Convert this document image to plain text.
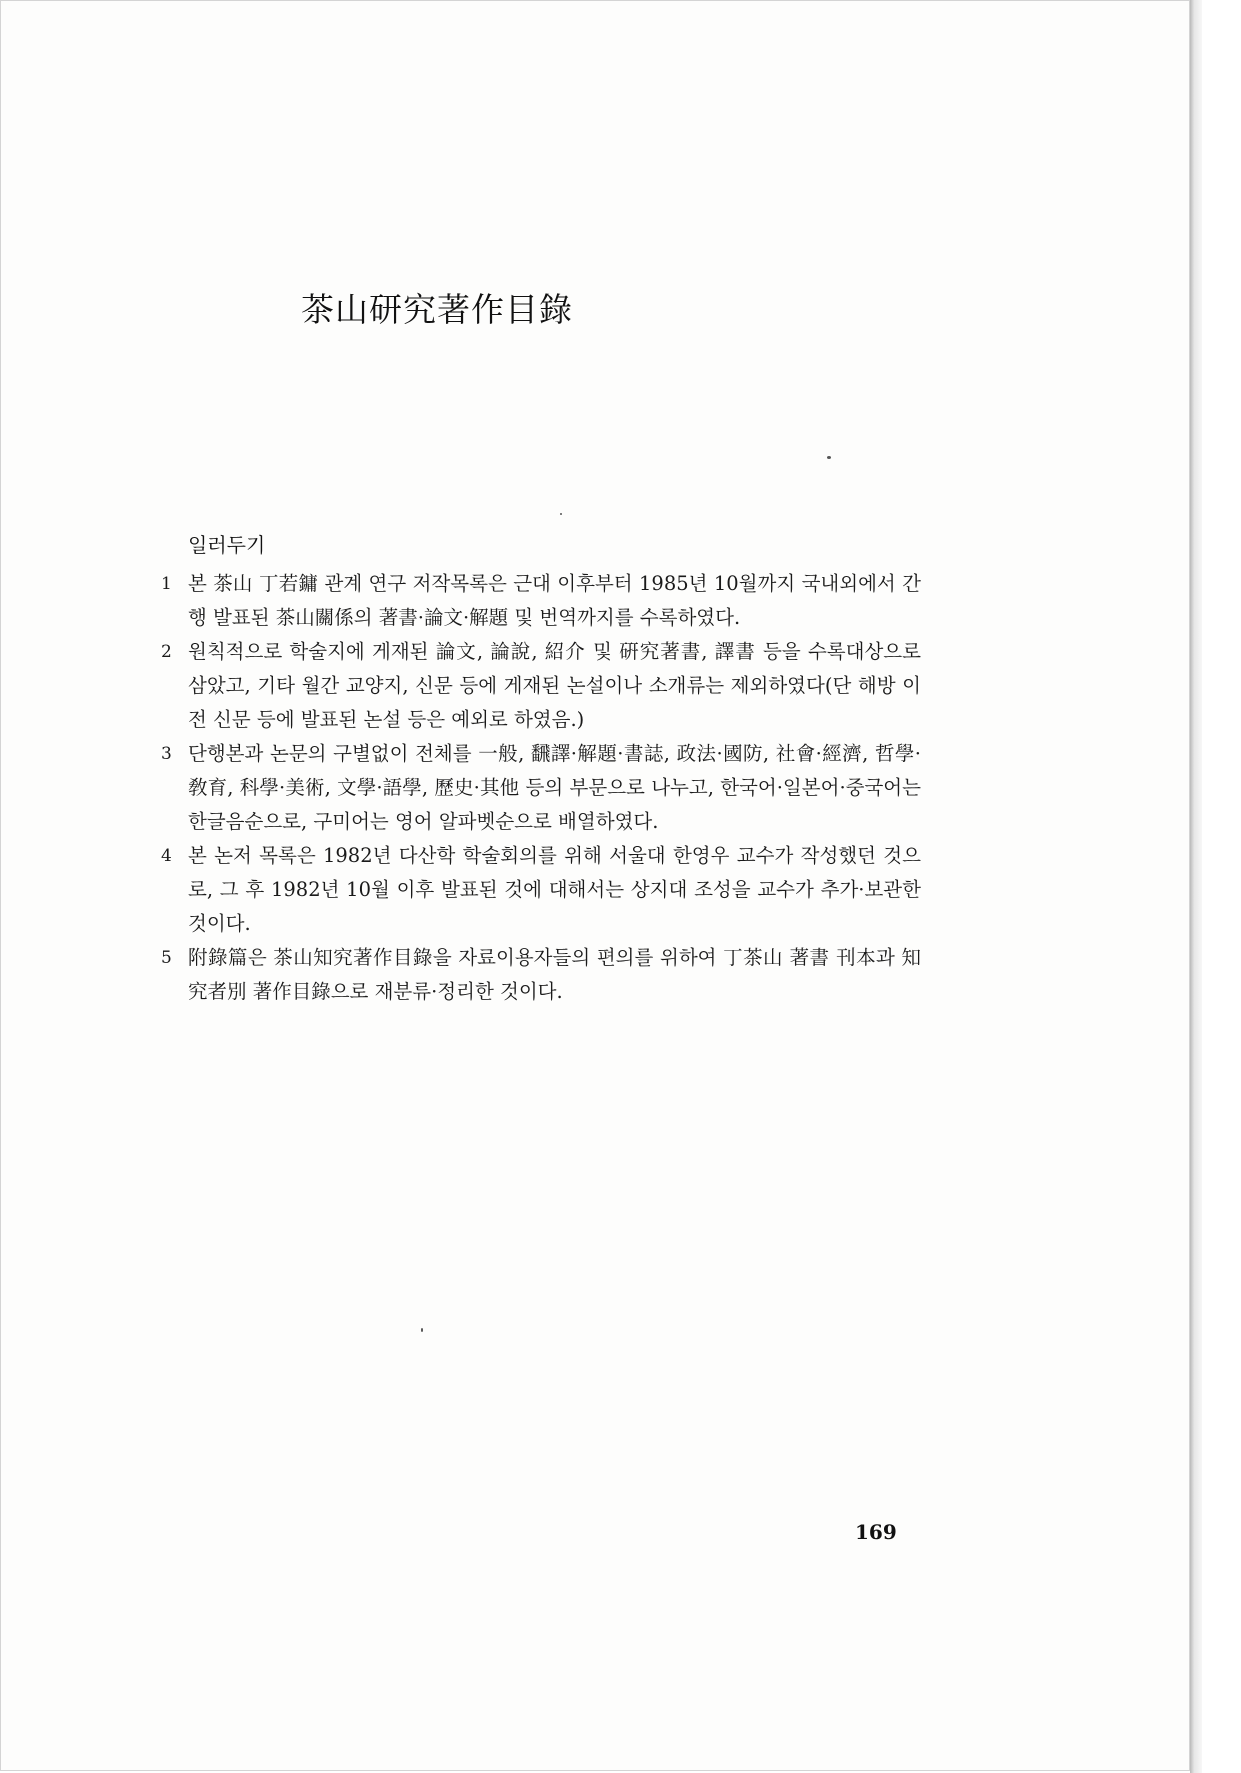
茶山研究著作目錄
일러두기
1 본 茶山 丁若鏞 관계 연구 저작목록은 근대 이후부터 1985년 10월까지 국내외에서 간행 발표된 茶山關係의 著書·論文·解題 및 번역까지를 수록하였다.
2 원칙적으로 학술지에 게재된 論文, 論說, 紹介 및 硏究著書, 譯書 등을 수록대상으로 삼았고, 기타 월간 교양지, 신문 등에 게재된 논설이나 소개류는 제외하였다(단 해방 이전 신문 등에 발표된 논설 등은 예외로 하였음.)
3 단행본과 논문의 구별없이 전체를 一般, 飜譯·解題·書誌, 政法·國防, 社會·經濟, 哲學·敎育, 科學·美術, 文學·語學, 歷史·其他 등의 부문으로 나누고, 한국어·일본어·중국어는 한글음순으로, 구미어는 영어 알파벳순으로 배열하였다.
4 본 논저 목록은 1982년 다산학 학술회의를 위해 서울대 한영우 교수가 작성했던 것으로, 그 후 1982년 10월 이후 발표된 것에 대해서는 상지대 조성을 교수가 추가·보관한 것이다.
5 附錄篇은 茶山知究著作目錄을 자료이용자들의 편의를 위하여 丁茶山 著書 刊本과 知究者別 著作目錄으로 재분류·정리한 것이다.
169
